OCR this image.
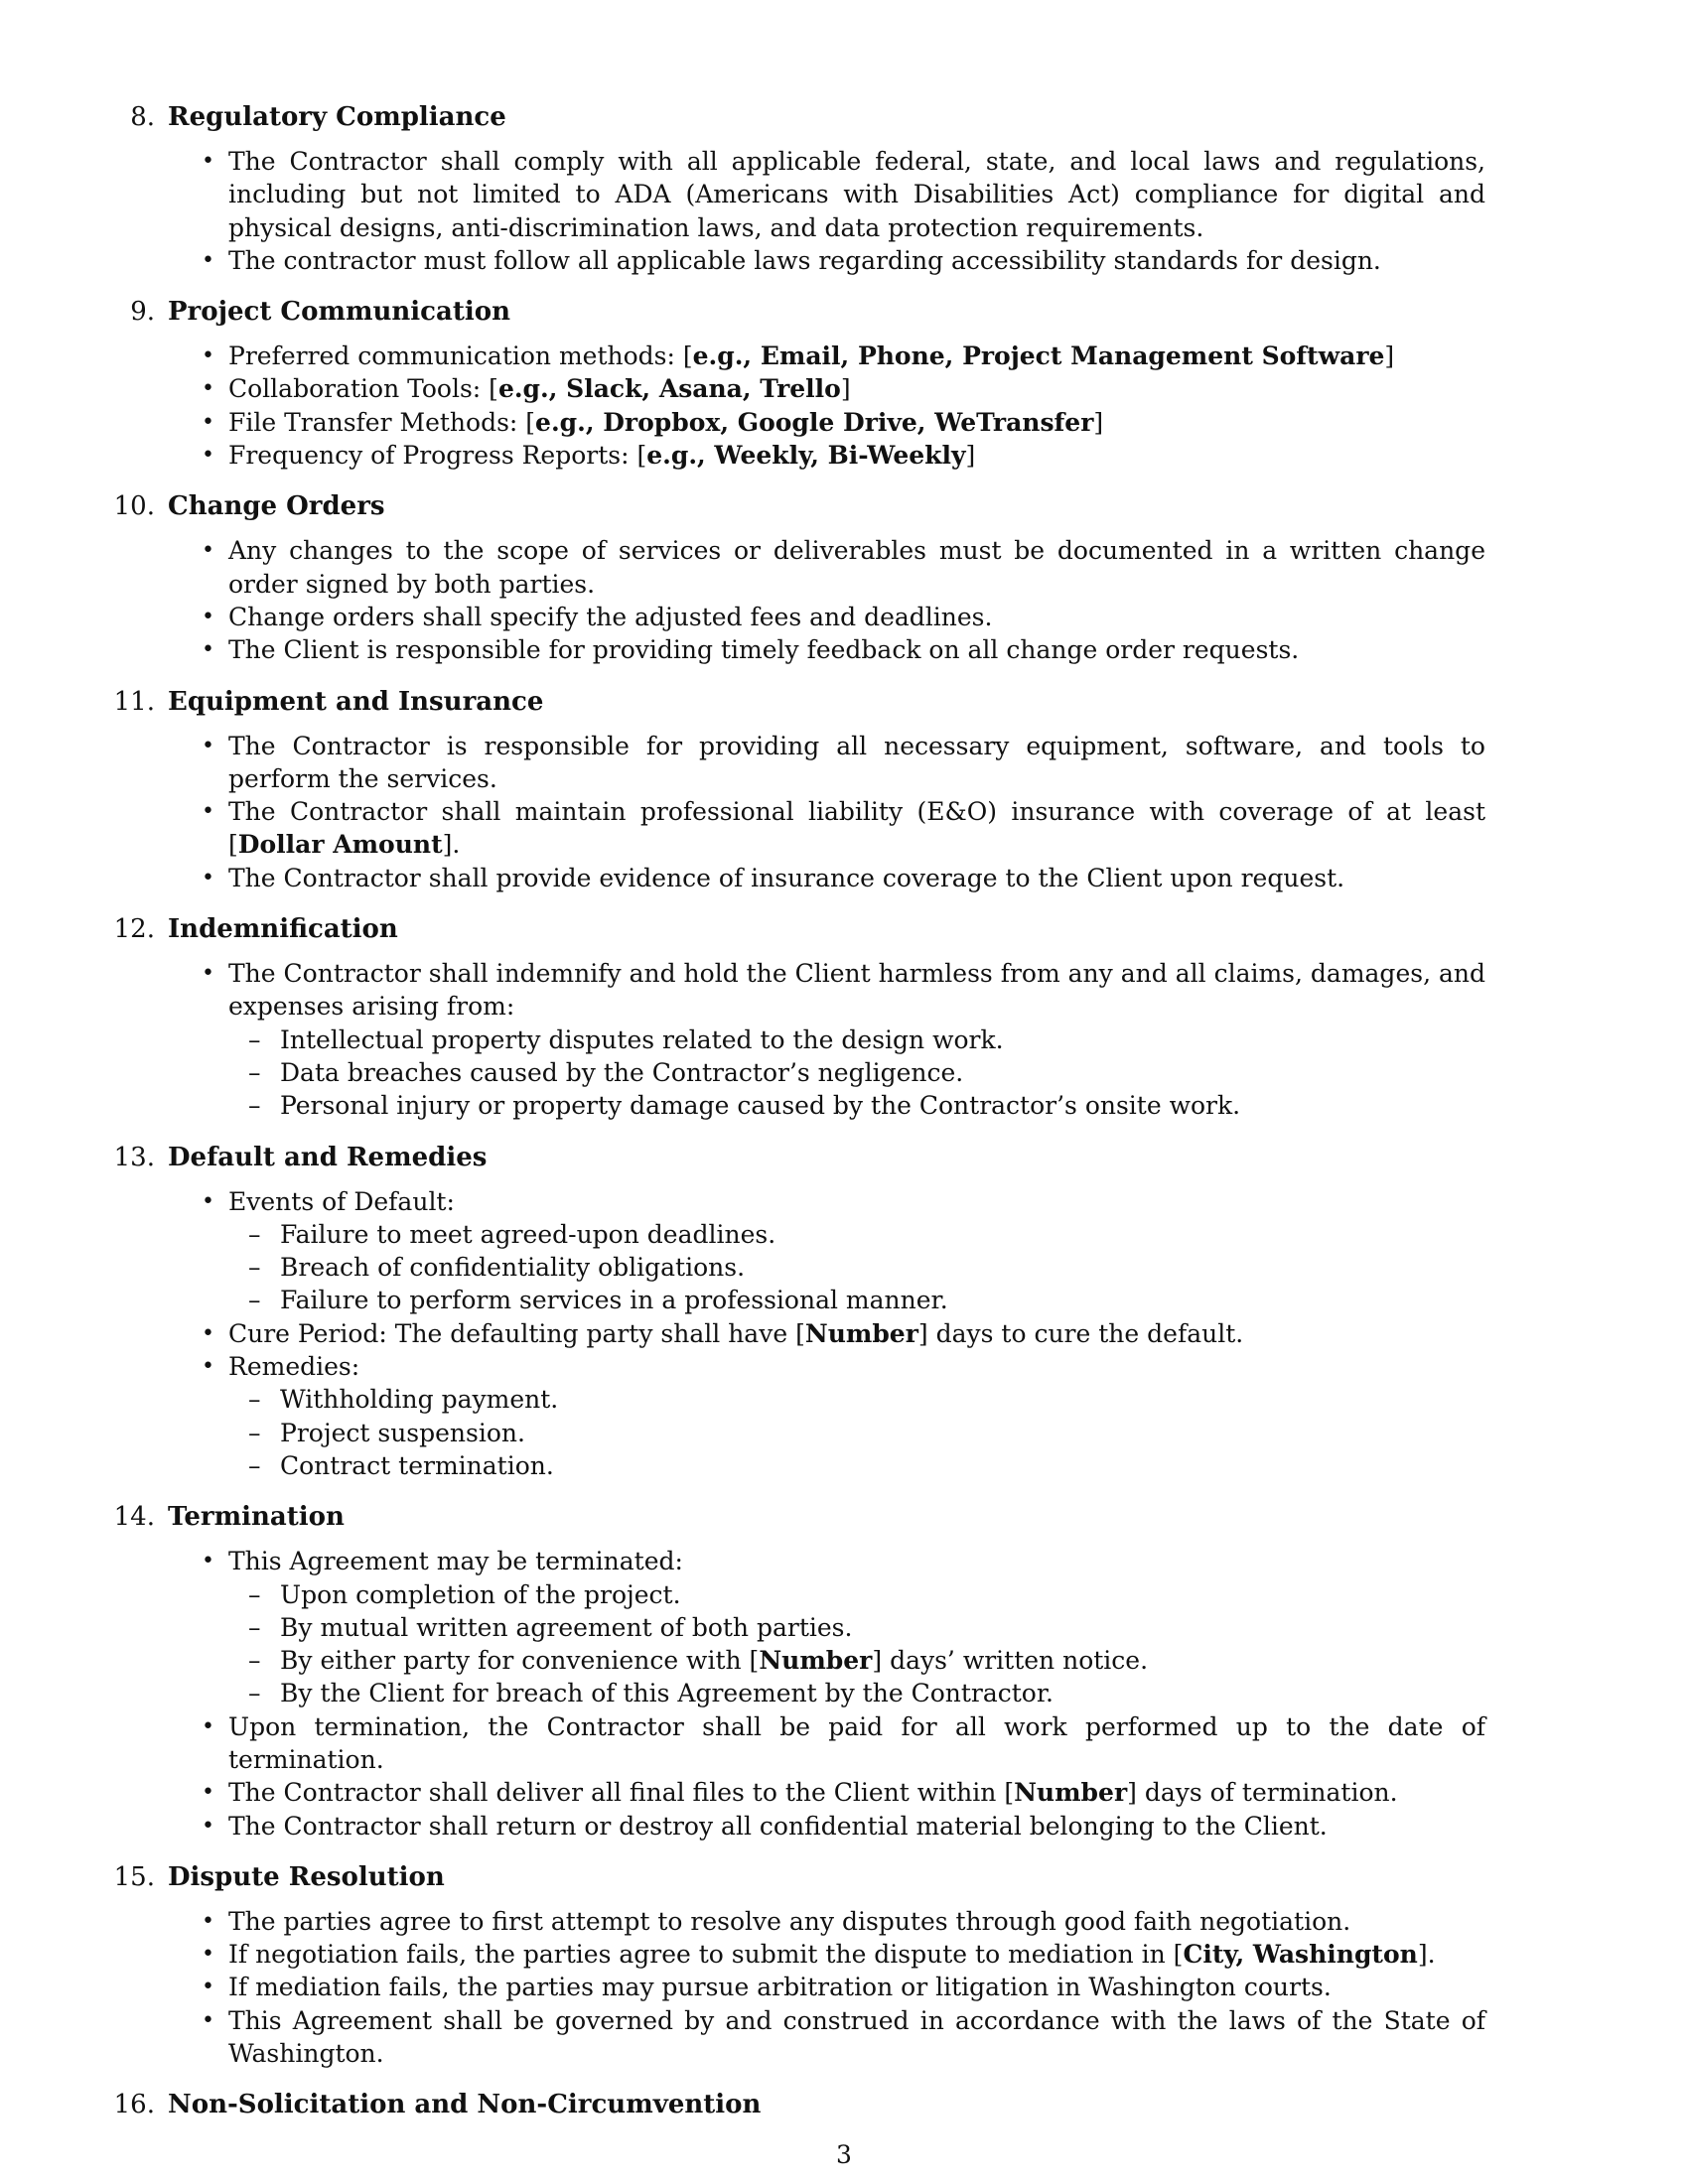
8. Regulatory Compliance
• The Contractor shall comply with all applicable federal, state, and local laws and regulations, including but not limited to ADA (Americans with Disabilities Act) compliance for digital and physical designs, anti-discrimination laws, and data protection requirements.
• The contractor must follow all applicable laws regarding accessibility standards for design.
9. Project Communication
• Preferred communication methods: [e.g., Email, Phone, Project Management Software]
• Collaboration Tools: [e.g., Slack, Asana, Trello]
• File Transfer Methods: [e.g., Dropbox, Google Drive, WeTransfer]
• Frequency of Progress Reports: [e.g., Weekly, Bi-Weekly]
10. Change Orders
• Any changes to the scope of services or deliverables must be documented in a written change order signed by both parties.
• Change orders shall specify the adjusted fees and deadlines.
• The Client is responsible for providing timely feedback on all change order requests.
11. Equipment and Insurance
• The Contractor is responsible for providing all necessary equipment, software, and tools to perform the services.
• The Contractor shall maintain professional liability (E&O) insurance with coverage of at least [Dollar Amount].
• The Contractor shall provide evidence of insurance coverage to the Client upon request.
12. Indemnification
• The Contractor shall indemnify and hold the Client harmless from any and all claims, damages, and expenses arising from:
– Intellectual property disputes related to the design work.
– Data breaches caused by the Contractor’s negligence.
– Personal injury or property damage caused by the Contractor’s onsite work.
13. Default and Remedies
• Events of Default:
– Failure to meet agreed-upon deadlines.
– Breach of confidentiality obligations.
– Failure to perform services in a professional manner.
• Cure Period: The defaulting party shall have [Number] days to cure the default.
• Remedies:
– Withholding payment.
– Project suspension.
– Contract termination.
14. Termination
• This Agreement may be terminated:
– Upon completion of the project.
– By mutual written agreement of both parties.
– By either party for convenience with [Number] days’ written notice.
– By the Client for breach of this Agreement by the Contractor.
• Upon termination, the Contractor shall be paid for all work performed up to the date of termination.
• The Contractor shall deliver all final files to the Client within [Number] days of termination.
• The Contractor shall return or destroy all confidential material belonging to the Client.
15. Dispute Resolution
• The parties agree to first attempt to resolve any disputes through good faith negotiation.
• If negotiation fails, the parties agree to submit the dispute to mediation in [City, Washington].
• If mediation fails, the parties may pursue arbitration or litigation in Washington courts.
• This Agreement shall be governed by and construed in accordance with the laws of the State of Washington.
16. Non-Solicitation and Non-Circumvention
3
